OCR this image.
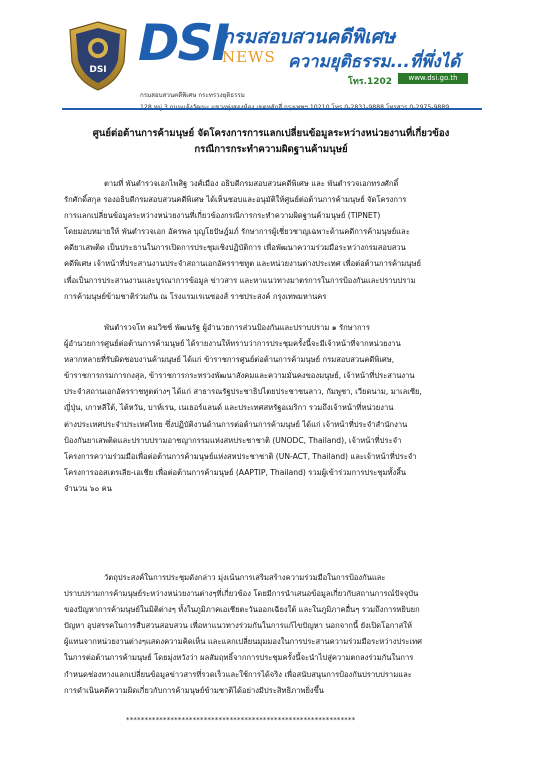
DSI DSI
กรมสอบสวนคดีพิเศษ
NEWS ความยุติธรรม...ที่พึ่งได้
โทร.1202	www.dsi.go.th
กรมสอบสวนคดีพิเศษ กระทรวงยุติธรรม
ศูนย์ต่อต้านการค้ามนุษย์ จัดโครงการการแลกเปลี่ยนข้อมูลระหว่างหน่วยงานที่เกี่ยวข้อง
กรณีการกระทำความผิดฐานค้ามนุษย์
ตามที่ พันตำรวจเอกไพสิฐ วงศ์เมือง อธิบดีกรมสอบสวนคดีพิเศษ และ พันตำรวจเอกทรงศักดิ์
รักศักดิ์สกุล รองอธิบดีกรมสอบสวนคดีพิเศษ ได้เห็นชอบและอนุมัติให้ศูนย์ต่อต้านการค้ามนุษย์ จัดโครงการ
การแลกเปลี่ยนข้อมูลระหว่างหน่วยงานที่เกี่ยวข้องกรณีการกระทำความผิดฐานค้ามนุษย์ (TIPNET)
โดยมอบหมายให้ พันตำรวจเอก อัครพล บุญโยปัษฎ์มภ์ รักษาการผู้เชี่ยวชาญเฉพาะด้านคดีการค้ามนุษย์และ
คดียาเสพติด เป็นประธานในการเปิดการประชุมเชิงปฏิบัติการ เพื่อพัฒนาความร่วมมือระหว่างกรมสอบสวน
คดีพิเศษ เจ้าหน้าที่ประสานงานประจำสถานเอกอัครราชทูต และหน่วยงานต่างประเทศ เพื่อต่อต้านการค้ามนุษย์
เพื่อเป็นการประสานงานและบูรณาการข้อมูล ข่าวสาร และหาแนวทางมาตรการในการป้องกันและปราบปราม
การค้ามนุษย์ข้ามชาติร่วมกัน ณ โรงแรมเรเนซองส์ ราชประสงค์ กรุงเทพมหานคร
พันตำรวจโท คมวิชช์ พัฒนรัฐ ผู้อำนวยการส่วนป้องกันและปราบปราม ๑ รักษาการ
ผู้อำนวยการศูนย์ต่อต้านการค้ามนุษย์ ได้รายงานให้ทราบว่าการประชุมครั้งนี้จะมีเจ้าหน้าที่จากหน่วยงาน
หลากหลายที่รับผิดชอบงานค้ามนุษย์ ได้แก่ ข้าราชการศูนย์ต่อต้านการค้ามนุษย์ กรมสอบสวนคดีพิเศษ,
ข้าราชการกรมการกงสุล, ข้าราชการกระทรวงพัฒนาสังคมและความมั่นคงของมนุษย์, เจ้าหน้าที่ประสานงาน
ประจำสถานเอกอัครราชทูตต่างๆ ได้แก่ สาธารณรัฐประชาธิปไตยประชาชนลาว, กัมพูชา, เวียดนาม, มาเลเซีย,
ญี่ปุ่น, เกาหลีใต้, ไต้หวัน, บาห์เรน, เนเธอร์แลนด์ และประเทศสหรัฐอเมริกา รวมถึงเจ้าหน้าที่หน่วยงาน
ต่างประเทศประจำประเทศไทย ซึ่งปฏิบัติงานด้านการต่อต้านการค้ามนุษย์ ได้แก่ เจ้าหน้าที่ประจำสำนักงาน
ป้องกันยาเสพติดและปราบปรามอาชญากรรมแห่งสหประชาชาติ (UNODC, Thailand), เจ้าหน้าที่ประจำ
โครงการความร่วมมือเพื่อต่อต้านการค้ามนุษย์แห่งสหประชาชาติ (UN-ACT, Thailand) และเจ้าหน้าที่ประจำ
โครงการออสเตรเลีย-เอเชีย เพื่อต่อต้านการค้ามนุษย์ (AAPTIP, Thailand) รวมผู้เข้าร่วมการประชุมทั้งสิ้น
จำนวน ๖๐ คน
วัตถุประสงค์ในการประชุมดังกล่าว มุ่งเน้นการเสริมสร้างความร่วมมือในการป้องกันและ
ปราบปรามการค้ามนุษย์ระหว่างหน่วยงานต่างๆที่เกี่ยวข้อง โดยมีการนำเสนอข้อมูลเกี่ยวกับสถานการณ์ปัจจุบัน
ของปัญหาการค้ามนุษย์ในมิติต่างๆ ทั้งในภูมิภาคเอเชียตะวันออกเฉียงใต้ และในภูมิภาคอื่นๆ รวมถึงการหยิบยก
ปัญหา อุปสรรคในการสืบสวนสอบสวน เพื่อหาแนวทางร่วมกันในการแก้ไขปัญหา นอกจากนี้ ยังเปิดโอกาสให้
ผู้แทนจากหน่วยงานต่างๆแสดงความคิดเห็น และแลกเปลี่ยนมุมมองในการประสานความร่วมมือระหว่างประเทศ
ในการต่อต้านการค้ามนุษย์ โดยมุ่งหวังว่า ผลสัมฤทธิ์จากการประชุมครั้งนี้จะนำไปสู่ความตกลงร่วมกันในการ
กำหนดช่องทางแลกเปลี่ยนข้อมูลข่าวสารที่รวดเร็วและใช้การได้จริง เพื่อสนับสนุนการป้องกันปราบปรามและ
การดำเนินคดีความผิดเกี่ยวกับการค้ามนุษย์ข้ามชาติได้อย่างมีประสิทธิภาพยิ่งขึ้น
**************************************************************
